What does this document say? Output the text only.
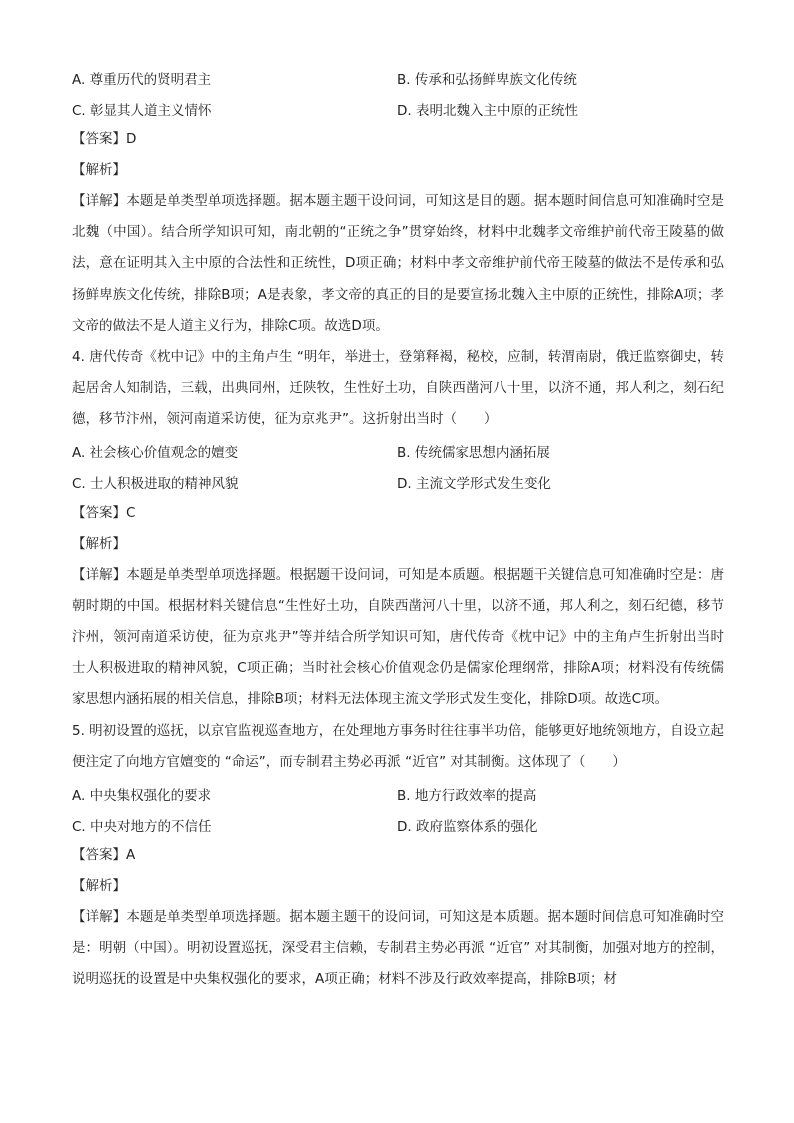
A. 尊重历代的贤明君主	B. 传承和弘扬鲜卑族文化传统
C. 彰显其人道主义情怀	D. 表明北魏入主中原的正统性
【答案】D
【解析】

【详解】本题是单类型单项选择题。据本题主题干设问词，可知这是目的题。据本题时间信息可知准确时空是北魏（中国）。结合所学知识可知，南北朝的“正统之争”贯穿始终，材料中北魏孝文帝维护前代帝王陵墓的做法，意在证明其入主中原的合法性和正统性，D项正确；材料中孝文帝维护前代帝王陵墓的做法不是传承和弘扬鲜卑族文化传统，排除B项；A是表象，孝文帝的真正的目的是要宣扬北魏入主中原的正统性，排除A项；孝文帝的做法不是人道主义行为，排除C项。故选D项。

4. 唐代传奇《枕中记》中的主角卢生 “明年，举进士，登第释褐，秘校，应制，转渭南尉，俄迁监察御史，转起居舍人知制诰，三载，出典同州，迁陕牧，生性好土功，自陕西凿河八十里，以济不通，邦人利之，刻石纪德，移节汴州，领河南道采访使，征为京兆尹”。这折射出当时（　　）

A. 社会核心价值观念的嬗变	B. 传统儒家思想内涵拓展
C. 士人积极进取的精神风貌	D. 主流文学形式发生变化
【答案】C
【解析】

【详解】本题是单类型单项选择题。根据题干设问词，可知是本质题。根据题干关键信息可知准确时空是：唐朝时期的中国。根据材料关键信息“生性好土功，自陕西凿河八十里，以济不通，邦人利之，刻石纪德，移节汴州，领河南道采访使，征为京兆尹”等并结合所学知识可知，唐代传奇《枕中记》中的主角卢生折射出当时士人积极进取的精神风貌，C项正确；当时社会核心价值观念仍是儒家伦理纲常，排除A项；材料没有传统儒家思想内涵拓展的相关信息，排除B项；材料无法体现主流文学形式发生变化，排除D项。故选C项。

5. 明初设置的巡抚，以京官监视巡查地方，在处理地方事务时往往事半功倍，能够更好地统领地方，自设立起便注定了向地方官嬗变的 “命运”，而专制君主势必再派 “近官” 对其制衡。这体现了（　　）

A. 中央集权强化的要求	B. 地方行政效率的提高
C. 中央对地方的不信任	D. 政府监察体系的强化
【答案】A
【解析】

【详解】本题是单类型单项选择题。据本题主题干的设问词，可知这是本质题。据本题时间信息可知准确时空是：明朝（中国）。明初设置巡抚，深受君主信赖，专制君主势必再派 “近官” 对其制衡，加强对地方的控制，说明巡抚的设置是中央集权强化的要求，A项正确；材料不涉及行政效率提高，排除B项；材
